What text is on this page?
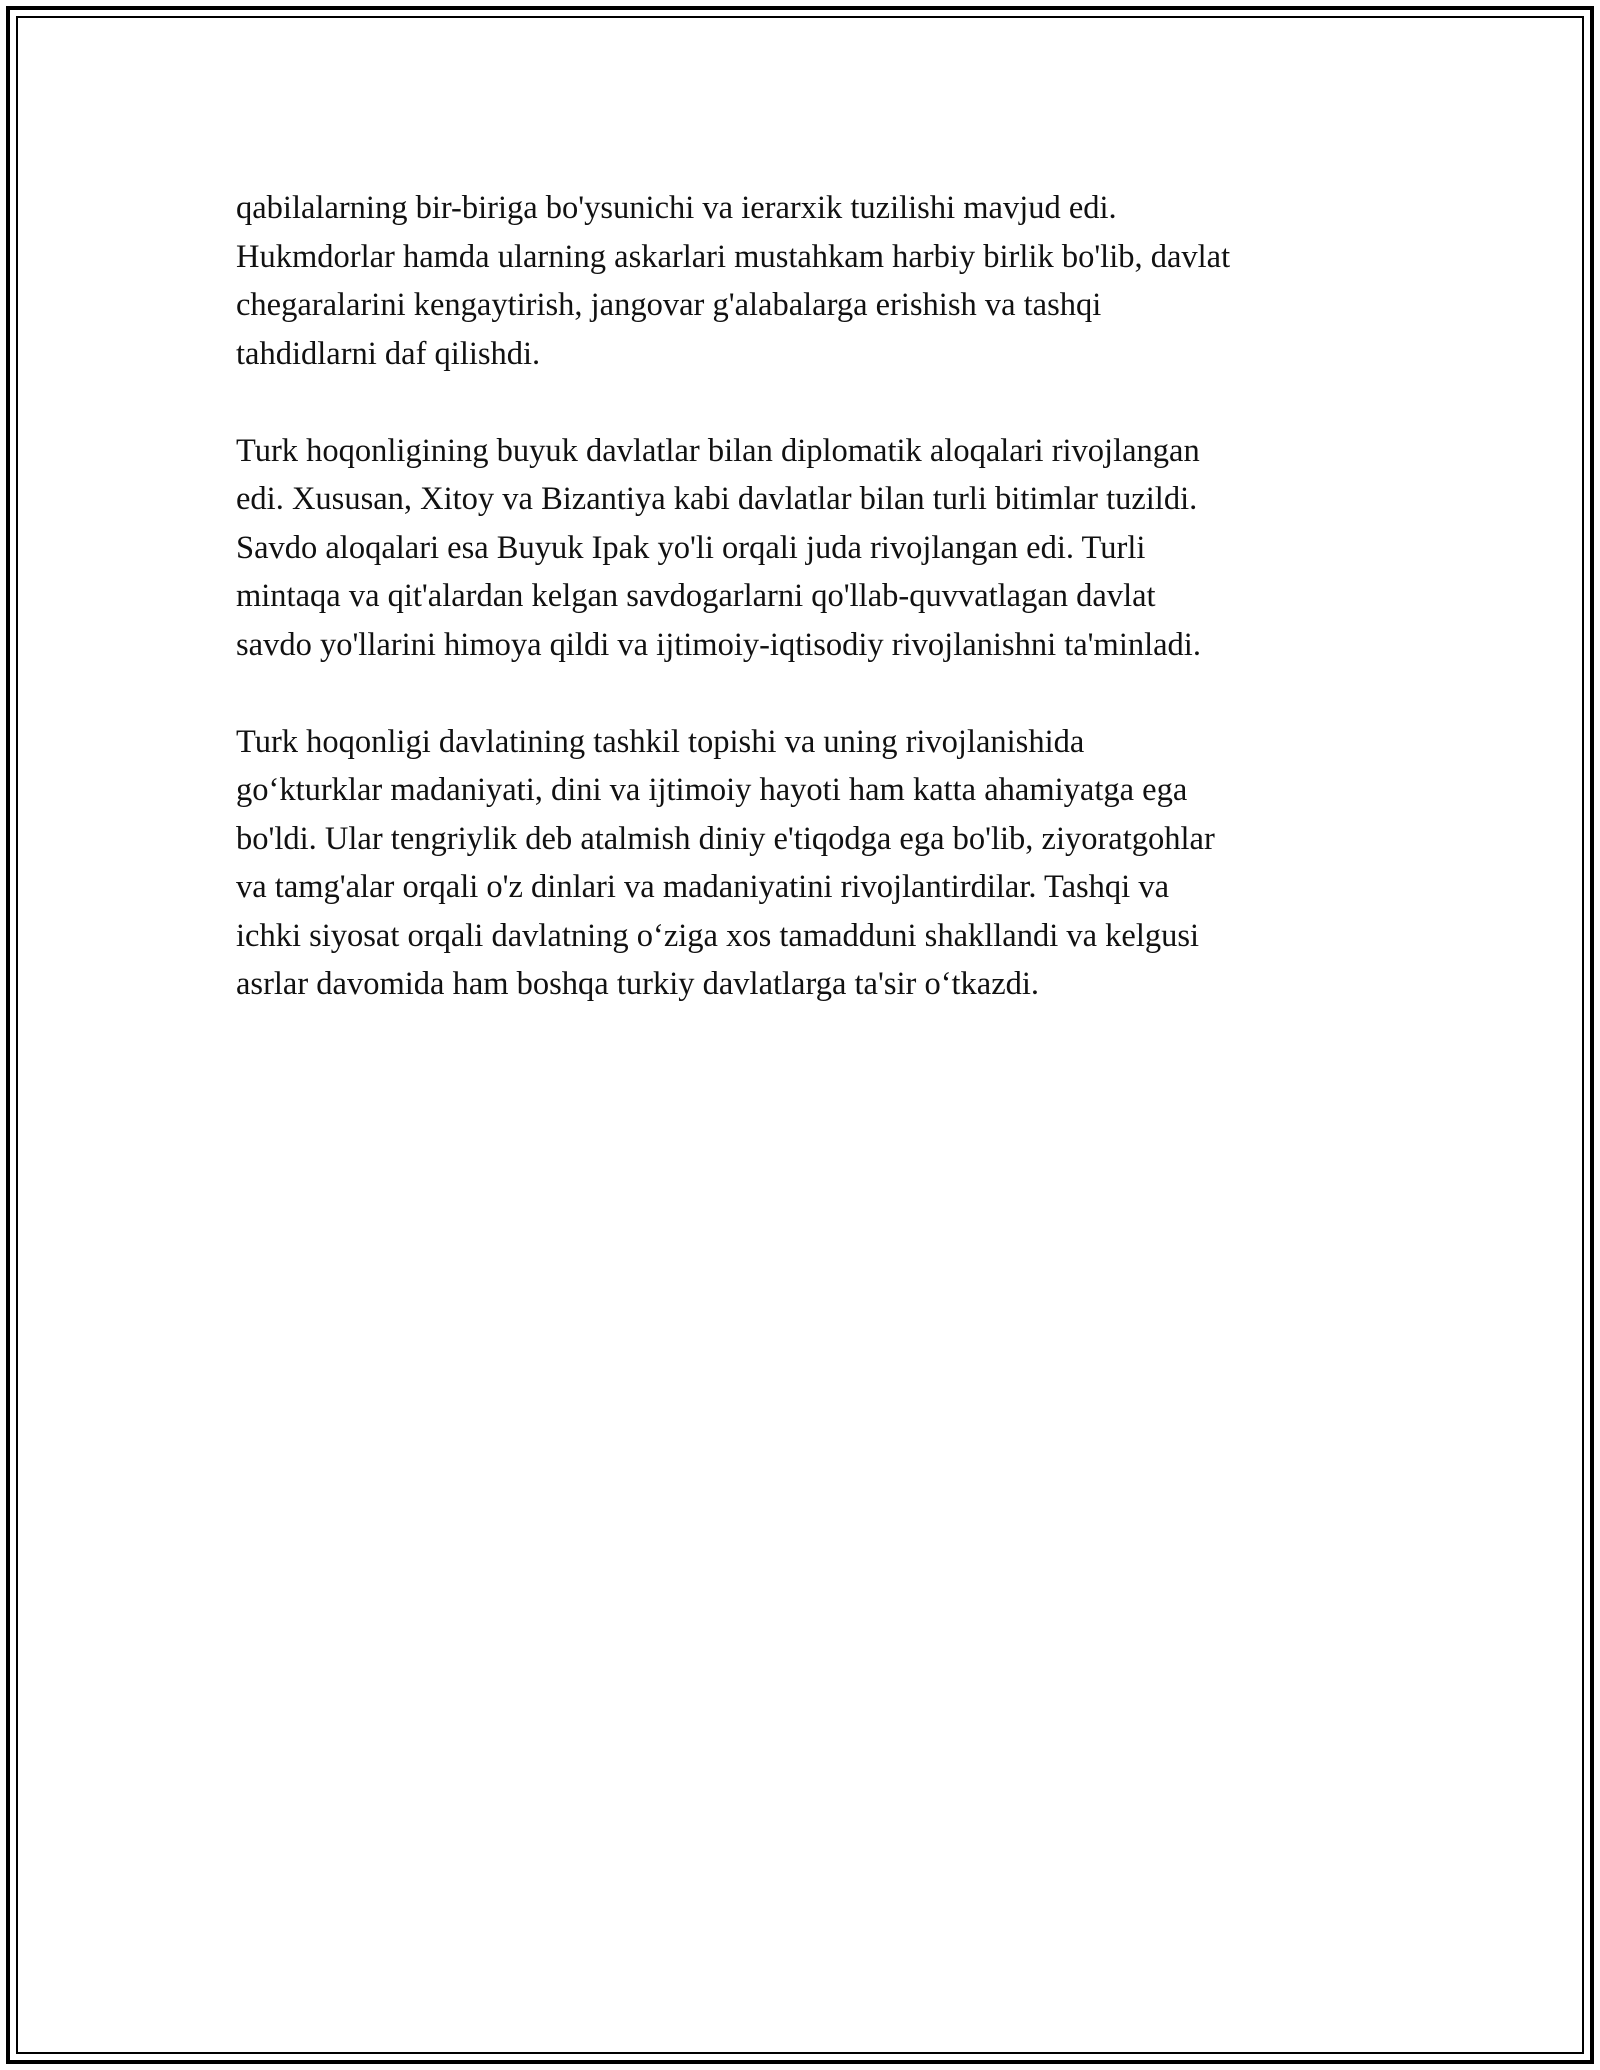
qabilalarning bir-biriga bo'ysunichi va ierarxik tuzilishi mavjud edi.
Hukmdorlar hamda ularning askarlari mustahkam harbiy birlik bo'lib, davlat
chegaralarini kengaytirish, jangovar g'alabalarga erishish va tashqi
tahdidlarni daf qilishdi.

Turk hoqonligining buyuk davlatlar bilan diplomatik aloqalari rivojlangan
edi. Xususan, Xitoy va Bizantiya kabi davlatlar bilan turli bitimlar tuzildi.
Savdo aloqalari esa Buyuk Ipak yo'li orqali juda rivojlangan edi. Turli
mintaqa va qit'alardan kelgan savdogarlarni qo'llab-quvvatlagan davlat
savdo yo'llarini himoya qildi va ijtimoiy-iqtisodiy rivojlanishni ta'minladi.

Turk hoqonligi davlatining tashkil topishi va uning rivojlanishida
go‘kturklar madaniyati, dini va ijtimoiy hayoti ham katta ahamiyatga ega
bo'ldi. Ular tengriylik deb atalmish diniy e'tiqodga ega bo'lib, ziyoratgohlar
va tamg'alar orqali o'z dinlari va madaniyatini rivojlantirdilar. Tashqi va
ichki siyosat orqali davlatning o‘ziga xos tamadduni shakllandi va kelgusi
asrlar davomida ham boshqa turkiy davlatlarga ta'sir o‘tkazdi.
